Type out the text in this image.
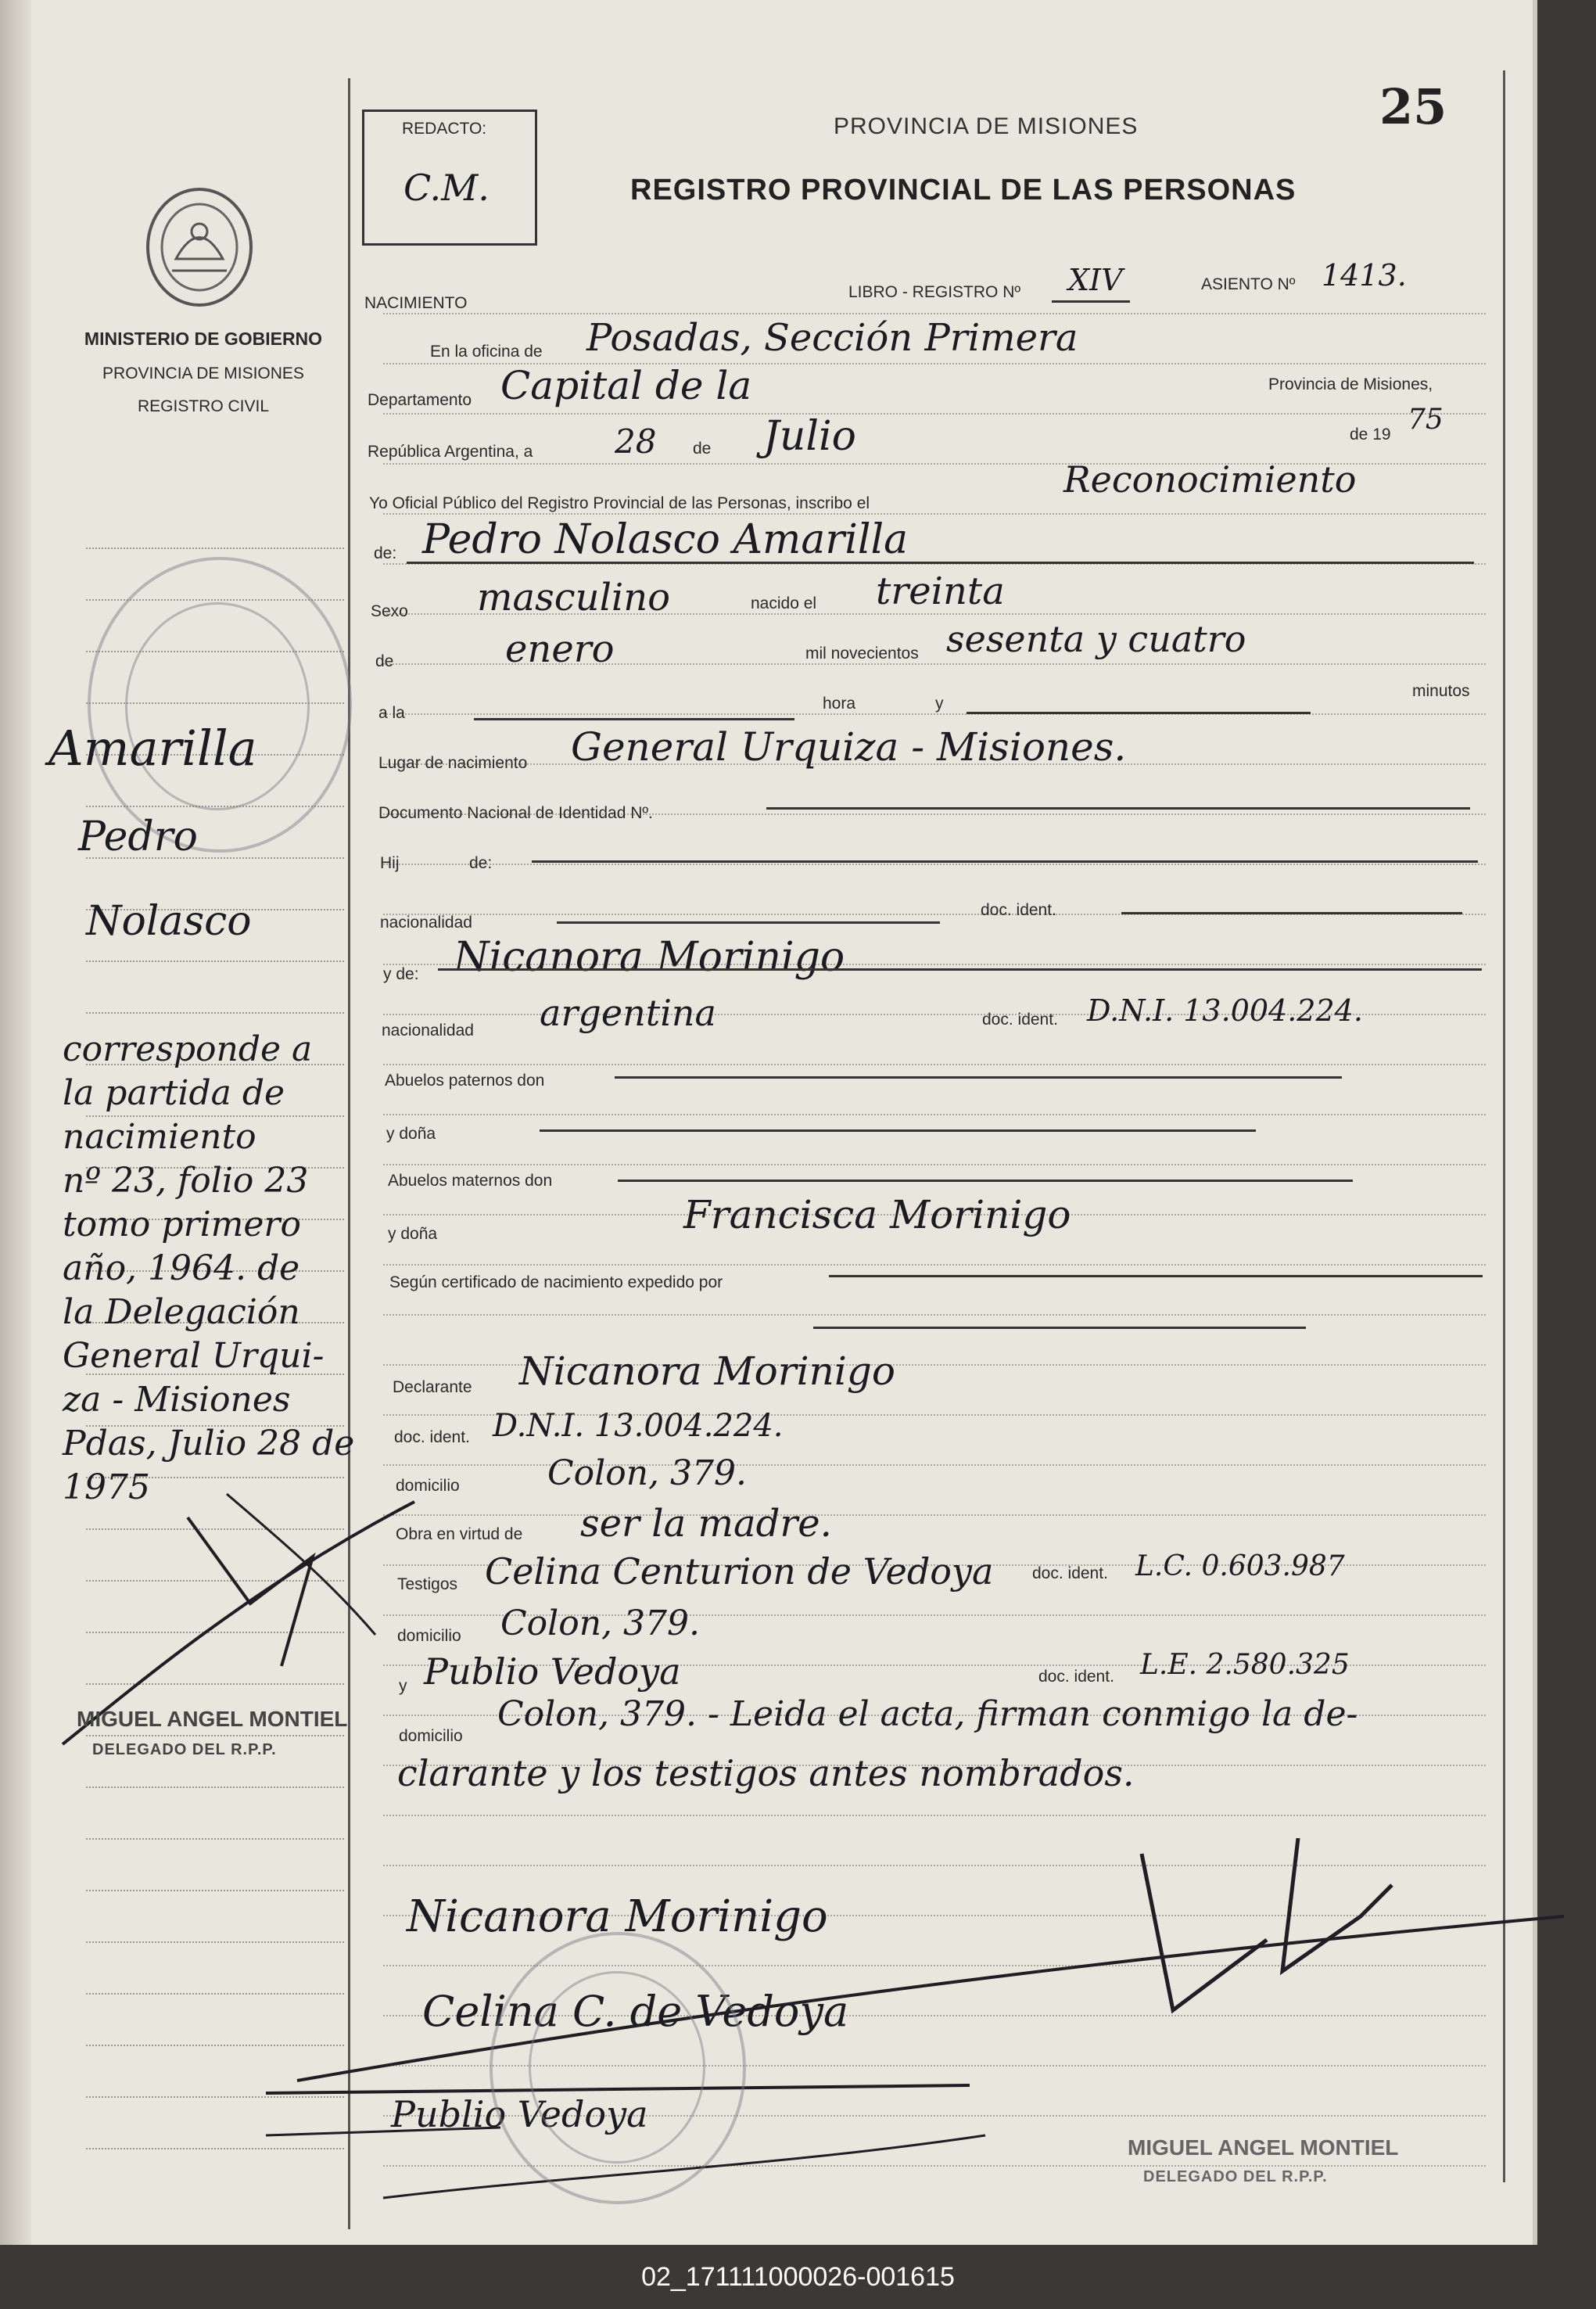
REDACTO:
C.M.
PROVINCIA DE MISIONES
REGISTRO PROVINCIAL DE LAS PERSONAS
25
MINISTERIO DE GOBIERNO
PROVINCIA DE MISIONES
REGISTRO CIVIL
Amarilla
Pedro
Nolasco
corresponde a
la partida de
nacimiento
nº 23, folio 23
tomo primero
año, 1964. de
la Delegación
General Urqui-
za - Misiones
Pdas, Julio 28 de
1975
MIGUEL ANGEL MONTIEL
DELEGADO DEL R.P.P.
NACIMIENTO
LIBRO - REGISTRO Nº XIV	ASIENTO Nº 1413.
En la oficina de Posadas, Sección Primera
Departamento Capital de la	Provincia de Misiones,
República Argentina, a 28 de Julio	de 19 75
Yo Oficial Público del Registro Provincial de las Personas, inscribo el
Reconocimiento
de: Pedro Nolasco Amarilla
Sexo masculino	nacido el treinta
de	enero	mil novecientos sesenta y cuatro
a la
hora	y
minutos
Lugar de nacimiento General Urquiza - Misiones.
Documento Nacional de Identidad Nº.
Hij	de:
nacionalidad
doc. ident.
y de: Nicanora Morinigo
nacionalidad argentina	doc. ident. D.N.I. 13.004.224.
Abuelos paternos don
y doña
Abuelos maternos don
y doña	Francisca Morinigo
Según certificado de nacimiento expedido por
Declarante Nicanora Morinigo
doc. ident. D.N.I. 13.004.224.
domicilio	Colon, 379.
Obra en virtud de ser la madre.
Testigos Celina Centurion de Vedoya doc. ident. L.C. 0.603.987
domicilio Colon, 379.
y Publio Vedoya	doc. ident. L.E. 2.580.325
domicilio
Colon, 379. - Leida el acta, firman conmigo la de-
clarante y los testigos antes nombrados.
Nicanora Morinigo
Celina C. de Vedoya
Publio Vedoya
MIGUEL ANGEL MONTIEL
DELEGADO DEL R.P.P.
02_171111000026-001615
